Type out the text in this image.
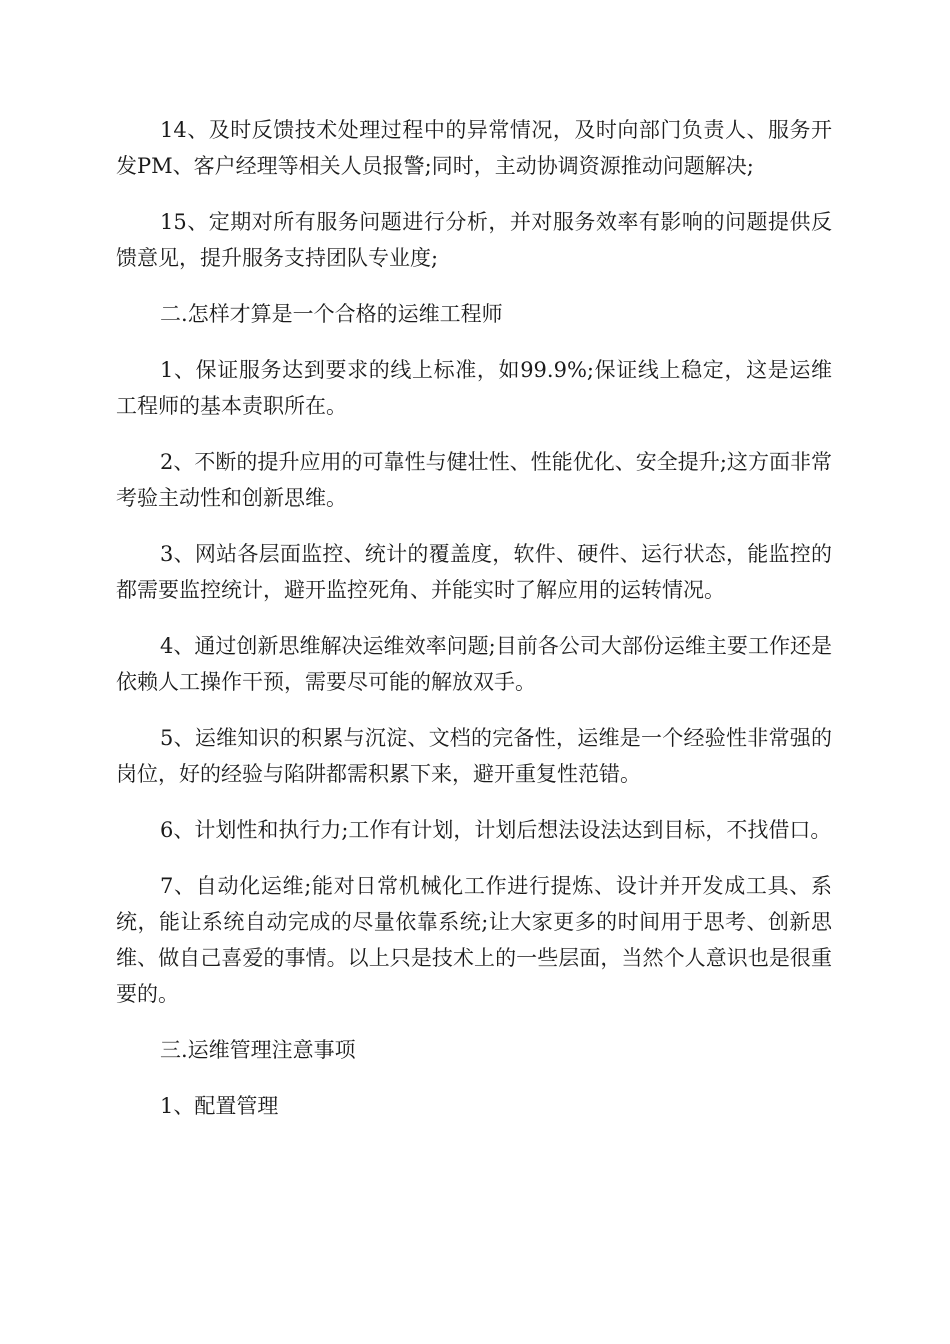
14、及时反馈技术处理过程中的异常情况，及时向部门负责人、服务开发PM、客户经理等相关人员报警;同时，主动协调资源推动问题解决;

15、定期对所有服务问题进行分析，并对服务效率有影响的问题提供反馈意见，提升服务支持团队专业度;

二.怎样才算是一个合格的运维工程师

1、保证服务达到要求的线上标准，如99.9%;保证线上稳定，这是运维工程师的基本责职所在。

2、不断的提升应用的可靠性与健壮性、性能优化、安全提升;这方面非常考验主动性和创新思维。

3、网站各层面监控、统计的覆盖度，软件、硬件、运行状态，能监控的都需要监控统计，避开监控死角、并能实时了解应用的运转情况。

4、通过创新思维解决运维效率问题;目前各公司大部份运维主要工作还是依赖人工操作干预，需要尽可能的解放双手。

5、运维知识的积累与沉淀、文档的完备性，运维是一个经验性非常强的岗位，好的经验与陷阱都需积累下来，避开重复性范错。

6、计划性和执行力;工作有计划，计划后想法设法达到目标，不找借口。

7、自动化运维;能对日常机械化工作进行提炼、设计并开发成工具、系统，能让系统自动完成的尽量依靠系统;让大家更多的时间用于思考、创新思维、做自己喜爱的事情。以上只是技术上的一些层面，当然个人意识也是很重要的。

三.运维管理注意事项

1、配置管理
